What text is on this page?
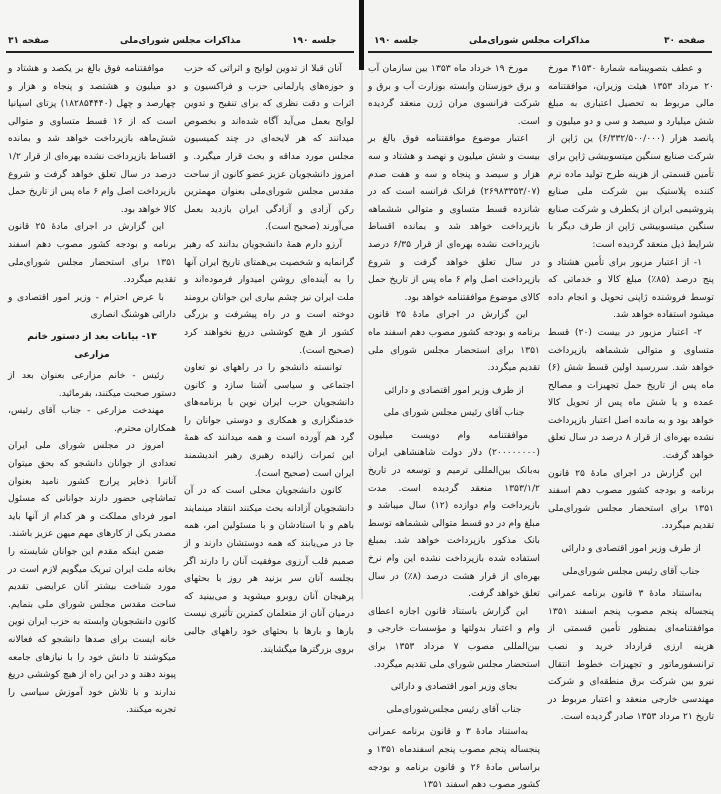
صفحه ۳۱	مذاکرات مجلس شورای‌ملی	جلسه ۱۹۰

موافقتنامه فوق بالغ بر یکصد و هشتاد و دو میلیون و هشتصد و پنجاه و هزار و چهارصد و چهل (۱۸۲۸۵۴۴۴۰) پزتای اسپانیا است که از ۱۶ قسط متساوی و متوالی شش‌ماهه بازپرداخت خواهد شد و بمانده اقساط بازپرداخت نشده بهره‌ای از قرار ۱/۲ درصد در سال تعلق خواهد گرفت و شروع بازپرداخت اصل وام ۶ ماه پس از تاریخ حمل کالا خواهد بود.

این گزارش در اجرای مادهٔ ۲۵ قانون برنامه و بودجه کشور مصوب دهم اسفند ۱۳۵۱ برای استحضار مجلس شورای‌ملی تقدیم میگردد.

با عرض احترام - وزیر امور اقتصادی و دارائی هوشنگ انصاری

۱۳- بیانات بعد از دستور خانم مزارعی

رئیس - خانم مزارعی بعنوان بعد از دستور صحبت میکنند، بفرمائید.

مهندخت مزارعی - جناب آقای رئیس، همکاران محترم.

امروز در مجلس شورای ملی ایران تعدادی از جوانان دانشجو که بحق میتوان آنانرا ذخایر پرارج کشور نامید بعنوان تماشاچی حضور دارند جوانانی که مسئول امور فردای مملکت و هر کدام از آنها باید مصدر یکی از کارهای مهم میهن عزیز باشند.

ضمن اینکه مقدم این جوانان شایسته را بخانه ملت ایران تبریک میگویم لازم است در مورد شناخت بیشتر آنان عرایضی تقدیم ساحت مقدس مجلس شورای ملی بنمایم. کانون دانشجویان وابسته به حزب ایران نوین خانه ایست برای صدها دانشجو که فعالانه میکوشند تا دانش خود را با نیازهای جامعه پیوند دهند و در این راه از هیچ کوششی دریغ ندارند و با تلاش خود آموزش سیاسی را تجربه میکنند.

آنان قبلا از تدوین لوایح و اثراتی که حزب و حوزه‌های پارلمانی حزب و فراکسیون و اثرات و دقت نظری که برای تنقیح و تدوین لوایح بعمل می‌آید آگاه شده‌اند و بخصوص میدانند که هر لایحه‌ای در چند کمیسیون مجلس مورد مداقه و بحث قرار میگیرد. و امروز دانشجویان عزیز عضو کانون از ساحت مقدس مجلس شورای‌ملی بعنوان مهمترین رکن آزادی و آزادگی ایران بازدید بعمل می‌آورند (صحیح است).

آرزو دارم همهٔ دانشجویان بدانند که رهبر گرانمایه و شخصیت بی‌همتای تاریخ ایران آنها را به آینده‌ای روشن امیدوار فرموده‌اند و ملت ایران نیز چشم بیاری این جوانان برومند دوخته است و در راه پیشرفت و بزرگی کشور از هیچ کوششی دریغ نخواهند کرد (صحیح است).

توانسته دانشجو را در راههای نو تعاون اجتماعی و سیاسی آشنا سازد و کانون دانشجویان حزب ایران نوین با برنامه‌های خدمتگزاری و همکاری و دوستی جوانان را گرد هم آورده است و همه میدانند که همهٔ این ثمرات زائیده رهبری رهبر اندیشمند ایران است (صحیح است).

کانون دانشجویان محلی است که در آن دانشجویان آزادانه بحث میکنند انتقاد مینمایند باهم و با استادشان و با مسئولین امر، همه جا در می‌یابند که همه دوستشان دارند و از صمیم قلب آرزوی موفقیت آنان را دارند اگر بجلسه آنان سر بزنید هر روز با بحثهای پرهیجان آنان روبرو میشوید و می‌بینید که درمیان آنان از متعلمان کمترین تأثیری نیست بارها و بارها با بحثهای خود راههای جالبی بروی بزرگترها میگشایند.

جلسه ۱۹۰	مذاکرات مجلس شورای‌ملی	صفحه ۳۰

مورخ ۱۹ خرداد ماه ۱۳۵۳ بین سازمان آب و برق خوزستان وابسته بوزارت آب و برق و شرکت فرانسوی مران ژرن منعقد گردیده است.

اعتبار موضوع موافقتنامه فوق بالغ بر بیست و شش میلیون و نهصد و هشتاد و سه هزار و سیصد و پنجاه و سه و هفت صدم (۲۶۹۸۳۳۵۳/۰۷) فرانک فرانسه است که در شانزده قسط متساوی و متوالی ششماهه بازپرداخت خواهد شد و بمانده اقساط بازپرداخت نشده بهره‌ای از قرار ۶/۳۵ درصد در سال تعلق خواهد گرفت و شروع بازپرداخت اصل وام ۶ ماه پس از تاریخ حمل کالای موضوع موافقتنامه خواهد بود.

این گزارش در اجرای مادهٔ ۲۵ قانون برنامه و بودجه کشور مصوب دهم اسفند ماه ۱۳۵۱ برای استحضار مجلس شورای ملی تقدیم میگردد.

از طرف وزیر امور اقتصادی و دارائی

جناب آقای رئیس مجلس شورای ملی

موافقتنامه وام دویست میلیون (۲۰۰۰۰۰۰۰۰) دلار دولت شاهنشاهی ایران به‌بانک بین‌المللی ترمیم و توسعه در تاریخ ۱۳۵۳/۱/۲ منعقد گردیده است. مدت بازپرداخت وام دوازده (۱۲) سال میباشد و مبلغ وام در دو قسط متوالی ششماهه توسط بانک مذکور بازپرداخت خواهد شد. بمبلغ استفاده شده بازپرداخت نشده این وام نرخ بهره‌ای از قرار هشت درصد (۸٪) در سال تعلق خواهد گرفت.

این گزارش باستناد قانون اجازه اعطای وام و اعتبار بدولتها و مؤسسات خارجی و بین‌المللی مصوب ۷ مرداد ۱۳۵۳ برای استحضار مجلس شورای ملی تقدیم میگردد.

بجای وزیر امور اقتصادی و دارائی

جناب آقای رئیس مجلس‌شورای‌ملی

به‌استناد مادهٔ ۳ و قانون برنامه عمرانی پنجساله پنجم مصوب پنجم اسفندماه ۱۳۵۱ و براساس مادهٔ ۲۶ و قانون برنامه و بودجه کشور مصوب دهم اسفند ۱۳۵۱

و عطف بتصویبنامه شمارهٔ ۴۱۵۳۰ مورخ ۲۰ مرداد ۱۳۵۳ هیئت وزیران، موافقتنامه مالی مربوط به تحصیل اعتباری به مبلغ شش میلیارد و سیصد و سی و دو میلیون و پانصد هزار (۶/۳۳۲/۵۰۰/۰۰۰) ین ژاپن از شرکت صنایع سنگین میتسوبیشی ژاپن برای تأمین قسمتی از هزینه طرح تولید ماده نرم کننده پلاستیک بین شرکت ملی صنایع پتروشیمی ایران از یکطرف و شرکت صنایع سنگین میتسوبیشی ژاپن از طرف دیگر با شرایط ذیل منعقد گردیده است:

۱- از اعتبار مزبور برای تأمین هشتاد و پنج درصد (۸۵٪) مبلغ کالا و خدماتی که توسط فروشنده ژاپنی تحویل و انجام داده میشود استفاده خواهد شد.

۲- اعتبار مزبور در بیست (۲۰) قسط متساوی و متوالی ششماهه بازپرداخت خواهد شد. سررسید اولین قسط شش (۶) ماه پس از تاریخ حمل تجهیزات و مصالح عمده و یا شش ماه پس از تحویل کالا خواهد بود و به مانده اصل اعتبار بازپرداخت نشده بهره‌ای از قرار ۸ درصد در سال تعلق خواهد گرفت.

این گزارش در اجرای مادهٔ ۲۵ قانون برنامه و بودجه کشور مصوب دهم اسفند ۱۳۵۱ برای استحضار مجلس شورای‌ملی تقدیم میگردد.

از طرف وزیر امور اقتصادی و دارائی

جناب آقای رئیس مجلس شورای‌ملی

به‌استناد مادهٔ ۳ قانون برنامه عمرانی پنجساله پنجم مصوب پنجم اسفند ۱۳۵۱ موافقتنامه‌ای بمنظور تأمین قسمتی از هزینه ارزی قرارداد خرید و نصب ترانسفورماتور و تجهیزات خطوط انتقال نیرو بین شرکت برق منطقه‌ای و شرکت مهندسی خارجی منعقد و اعتبار مربوط در تاریخ ۲۱ مرداد ۱۳۵۳ صادر گردیده است.
